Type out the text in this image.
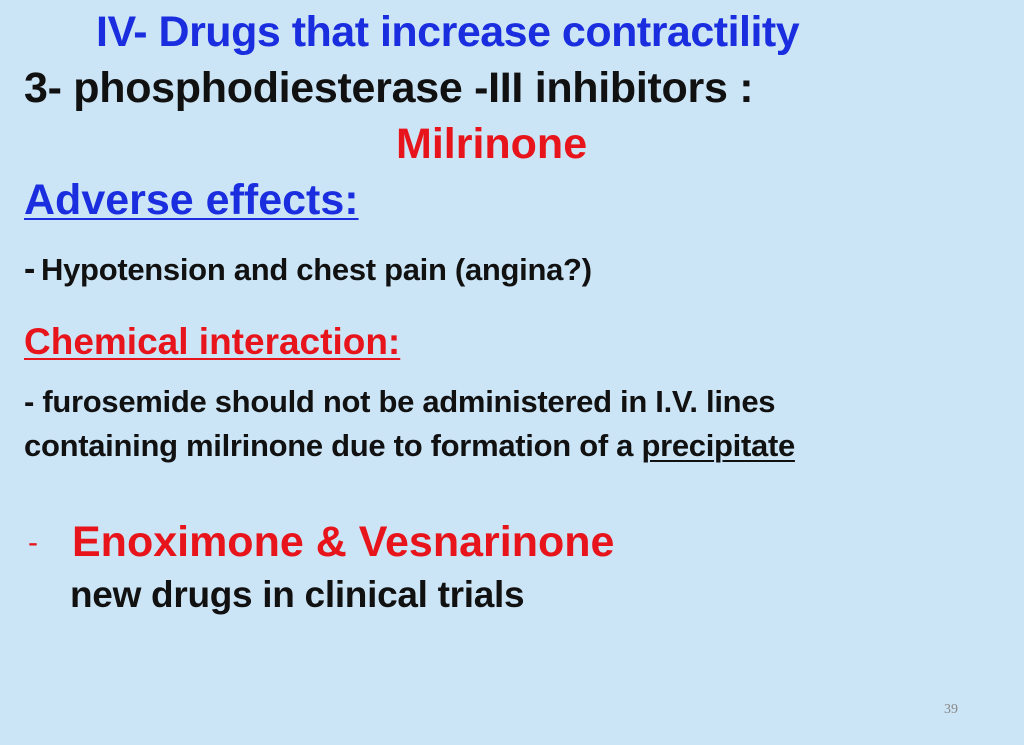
IV- Drugs that increase contractility
3- phosphodiesterase -III inhibitors :
Milrinone
Adverse effects:
- Hypotension and chest pain (angina?)
Chemical interaction:
- furosemide should not be administered in I.V. lines
containing milrinone due to formation of a precipitate
- Enoximone & Vesnarinone
new drugs in clinical trials
39
